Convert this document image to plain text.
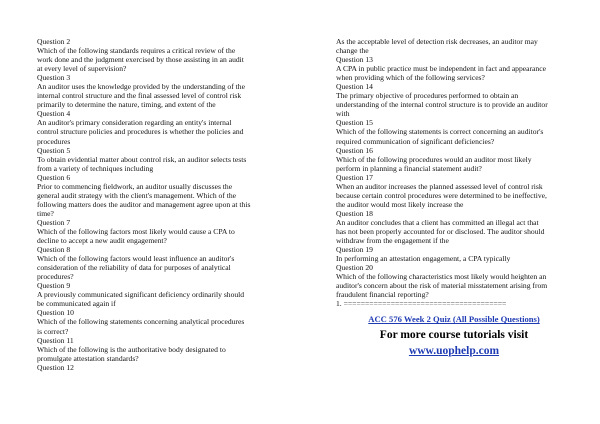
Question 2
Which of the following standards requires a critical review of the
work done and the judgment exercised by those assisting in an audit
at every level of supervision?
Question 3
An auditor uses the knowledge provided by the understanding of the
internal control structure and the final assessed level of control risk
primarily to determine the nature, timing, and extent of the
Question 4
An auditor's primary consideration regarding an entity's internal
control structure policies and procedures is whether the policies and
procedures
Question 5
To obtain evidential matter about control risk, an auditor selects tests
from a variety of techniques including
Question 6
Prior to commencing fieldwork, an auditor usually discusses the
general audit strategy with the client's management. Which of the
following matters does the auditor and management agree upon at this
time?
Question 7
Which of the following factors most likely would cause a CPA to
decline to accept a new audit engagement?
Question 8
Which of the following factors would least influence an auditor's
consideration of the reliability of data for purposes of analytical
procedures?
Question 9
A previously communicated significant deficiency ordinarily should
be communicated again if
Question 10
Which of the following statements concerning analytical procedures
is correct?
Question 11
Which of the following is the authoritative body designated to
promulgate attestation standards?
Question 12
As the acceptable level of detection risk decreases, an auditor may
change the
Question 13
A CPA in public practice must be independent in fact and appearance
when providing which of the following services?
Question 14
The primary objective of procedures performed to obtain an
understanding of the internal control structure is to provide an auditor
with
Question 15
Which of the following statements is correct concerning an auditor's
required communication of significant deficiencies?
Question 16
Which of the following procedures would an auditor most likely
perform in planning a financial statement audit?
Question 17
When an auditor increases the planned assessed level of control risk
because certain control procedures were determined to be ineffective,
the auditor would most likely increase the
Question 18
An auditor concludes that a client has committed an illegal act that
has not been properly accounted for or disclosed. The auditor should
withdraw from the engagement if the
Question 19
In performing an attestation engagement, a CPA typically
Question 20
Which of the following characteristics most likely would heighten an
auditor's concern about the risk of material misstatement arising from
fraudulent financial reporting?
1. ======================================
ACC 576 Week 2 Quiz (All Possible Questions)
For more course tutorials visit
www.uophelp.com
